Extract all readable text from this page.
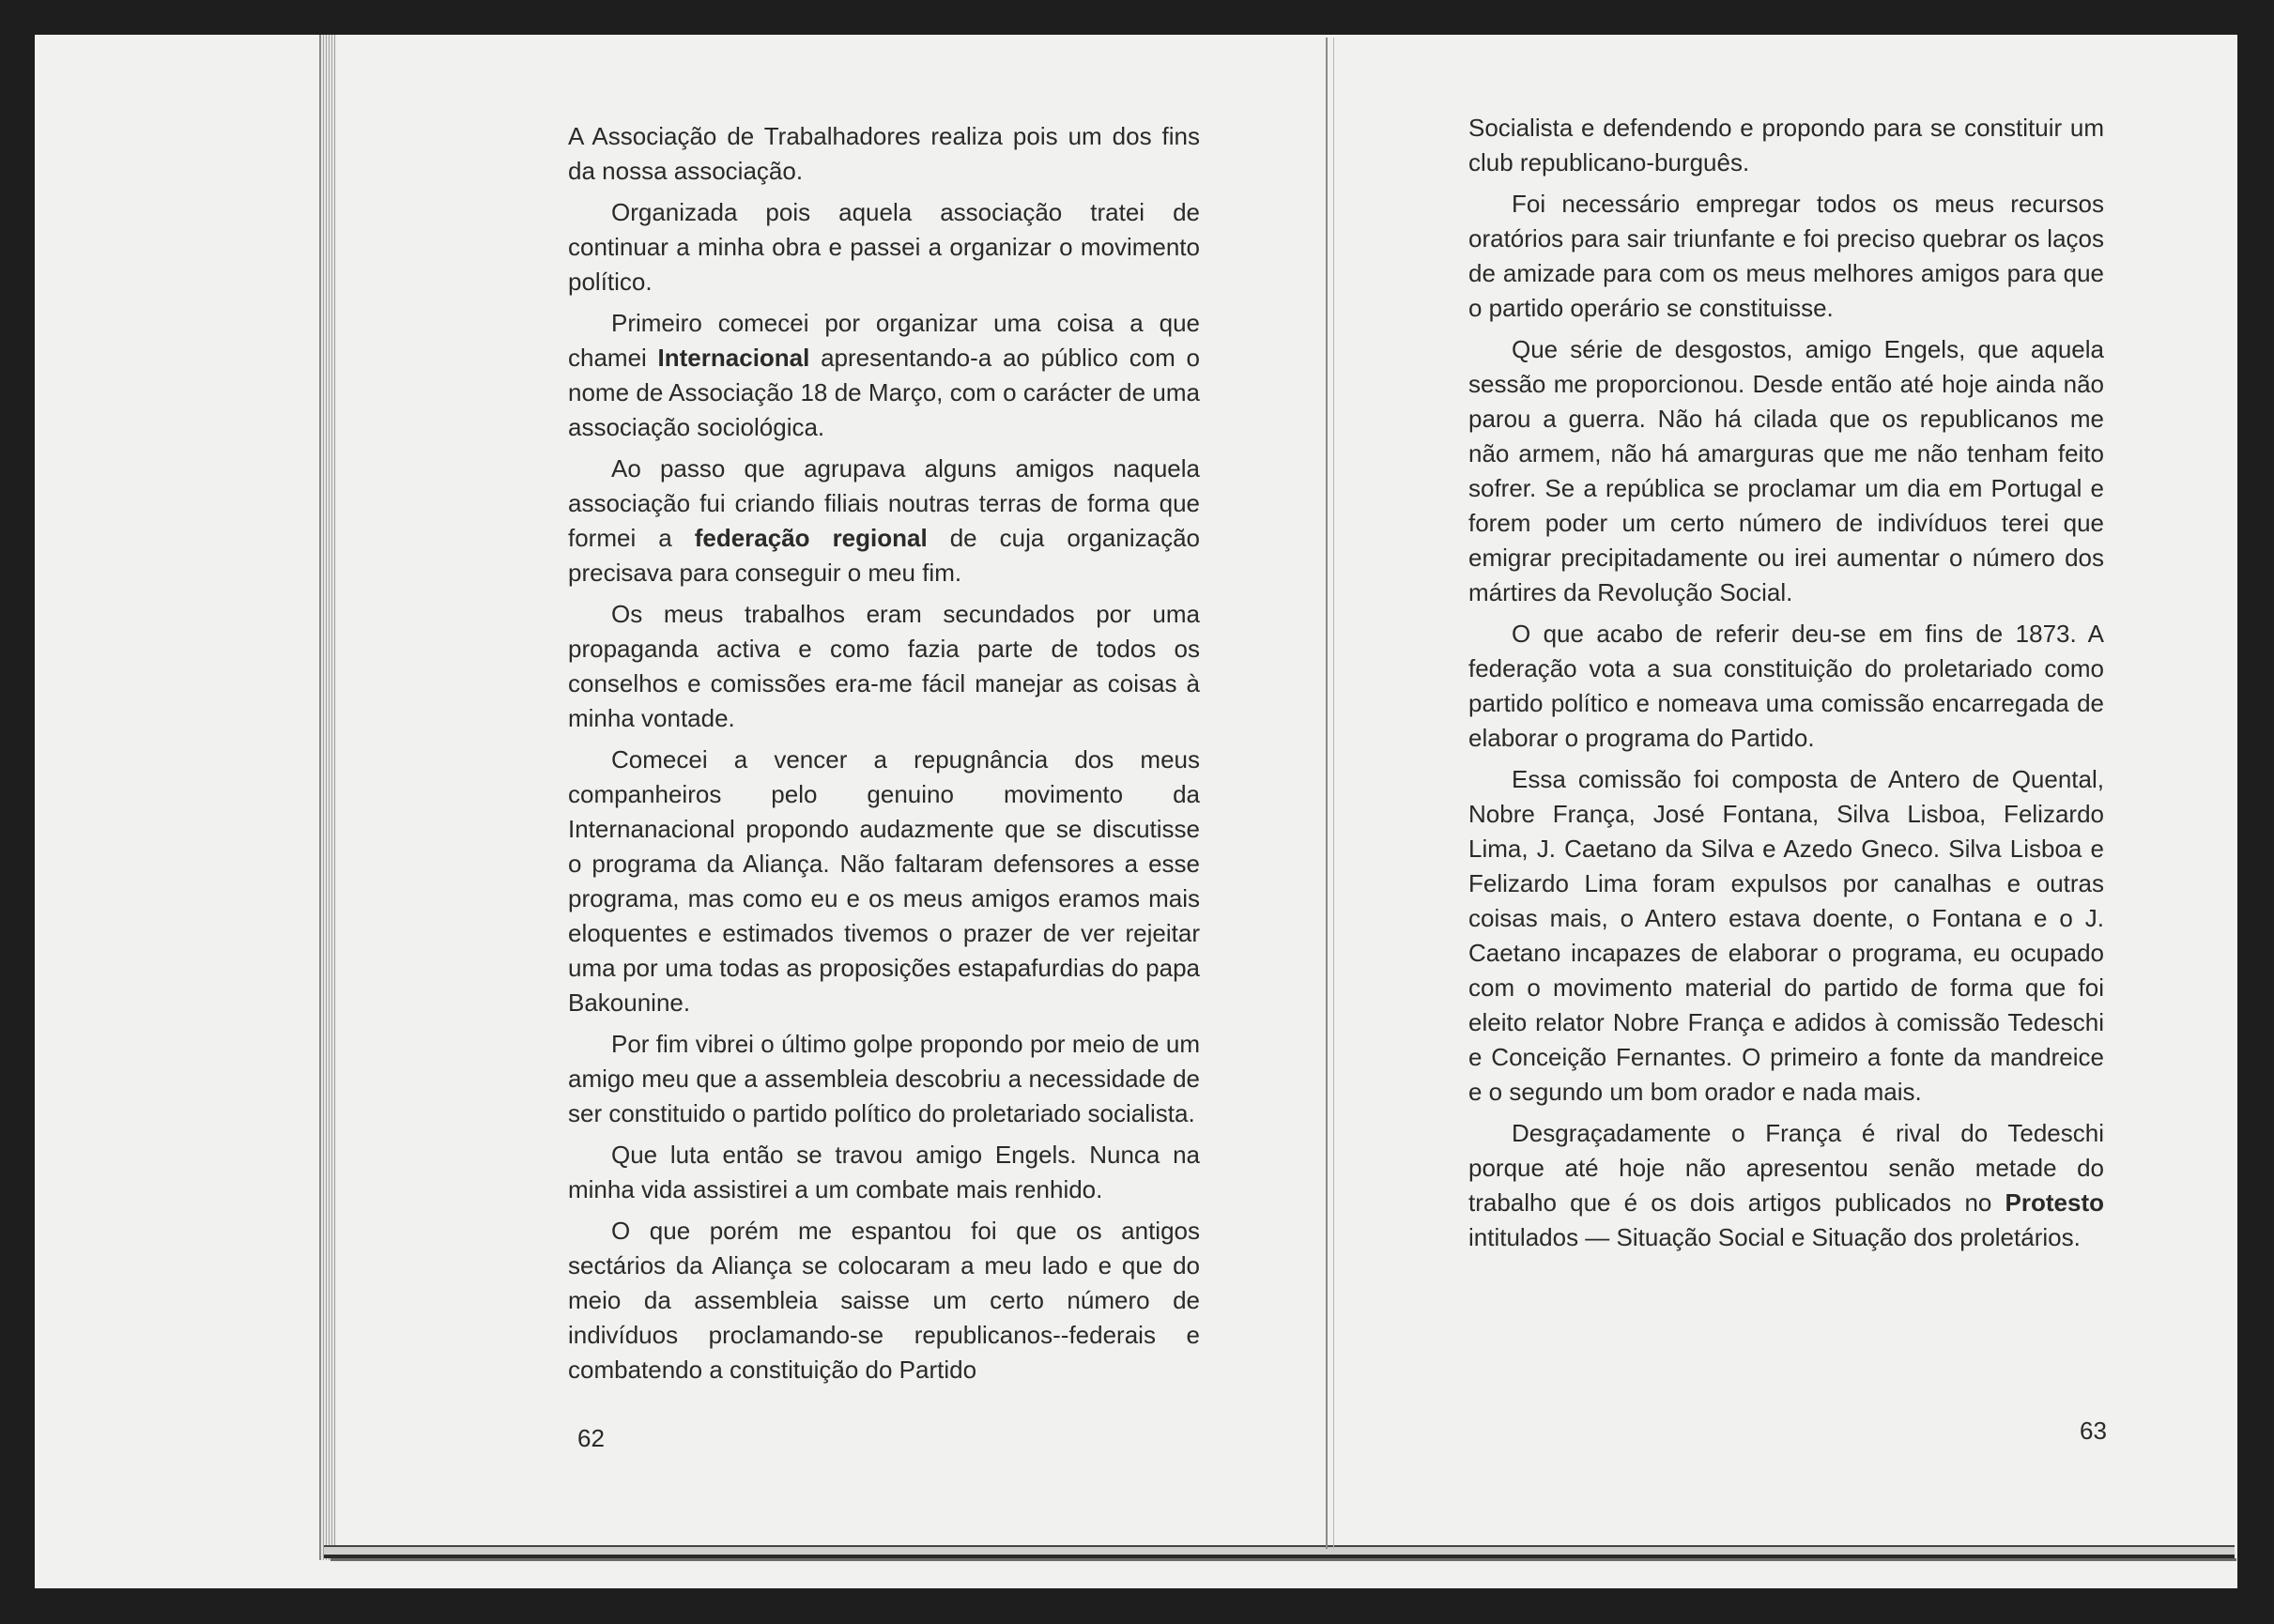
A Associação de Trabalhadores realiza pois um dos fins da nossa associação.

Organizada pois aquela associação tratei de continuar a minha obra e passei a organizar o movimento político.

Primeiro comecei por organizar uma coisa a que chamei Internacional apresentando-a ao público com o nome de Associação 18 de Março, com o carácter de uma associação sociológica.

Ao passo que agrupava alguns amigos naquela associação fui criando filiais noutras terras de forma que formei a federação regional de cuja organização precisava para conseguir o meu fim.

Os meus trabalhos eram secundados por uma propaganda activa e como fazia parte de todos os conselhos e comissões era-me fácil manejar as coisas à minha vontade.

Comecei a vencer a repugnância dos meus companheiros pelo genuino movimento da Internanacional propondo audazmente que se discutisse o programa da Aliança. Não faltaram defensores a esse programa, mas como eu e os meus amigos eramos mais eloquentes e estimados tivemos o prazer de ver rejeitar uma por uma todas as proposições estapafurdias do papa Bakounine.

Por fim vibrei o último golpe propondo por meio de um amigo meu que a assembleia descobriu a necessidade de ser constituido o partido político do proletariado socialista.

Que luta então se travou amigo Engels. Nunca na minha vida assistirei a um combate mais renhido.

O que porém me espantou foi que os antigos sectários da Aliança se colocaram a meu lado e que do meio da assembleia saisse um certo número de indivíduos proclamando-se republicanos--federais e combatendo a constituição do Partido

Socialista e defendendo e propondo para se constituir um club republicano-burguês.

Foi necessário empregar todos os meus recursos oratórios para sair triunfante e foi preciso quebrar os laços de amizade para com os meus melhores amigos para que o partido operário se constituisse.

Que série de desgostos, amigo Engels, que aquela sessão me proporcionou. Desde então até hoje ainda não parou a guerra. Não há cilada que os republicanos me não armem, não há amarguras que me não tenham feito sofrer. Se a república se proclamar um dia em Portugal e forem poder um certo número de indivíduos terei que emigrar precipitadamente ou irei aumentar o número dos mártires da Revolução Social.

O que acabo de referir deu-se em fins de 1873. A federação vota a sua constituição do proletariado como partido político e nomeava uma comissão encarregada de elaborar o programa do Partido.

Essa comissão foi composta de Antero de Quental, Nobre França, José Fontana, Silva Lisboa, Felizardo Lima, J. Caetano da Silva e Azedo Gneco. Silva Lisboa e Felizardo Lima foram expulsos por canalhas e outras coisas mais, o Antero estava doente, o Fontana e o J. Caetano incapazes de elaborar o programa, eu ocupado com o movimento material do partido de forma que foi eleito relator Nobre França e adidos à comissão Tedeschi e Conceição Fernantes. O primeiro a fonte da mandreice e o segundo um bom orador e nada mais.

Desgraçadamente o França é rival do Tedeschi porque até hoje não apresentou senão metade do trabalho que é os dois artigos publicados no Protesto intitulados — Situação Social e Situação dos proletários.

62	63
